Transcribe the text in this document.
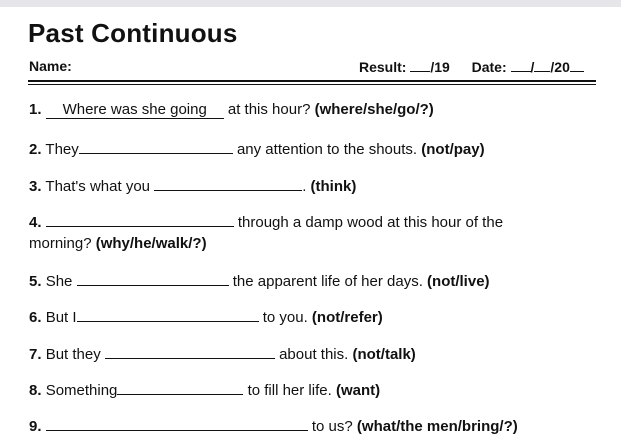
Past Continuous
Name:	Result: /19 Date: / /20
1. Where was she going at this hour? (where/she/go/?)
2. They	any attention to the shouts. (not/pay)
3. That's what you	. (think)
4.	through a damp wood at this hour of the
morning? (why/he/walk/?)
5. She	the apparent life of her days. (not/live)
6. But I	to you. (not/refer)
7. But they	about this. (not/talk)
8. Something	to fill her life. (want)
9.	to us? (what/the men/bring/?)
